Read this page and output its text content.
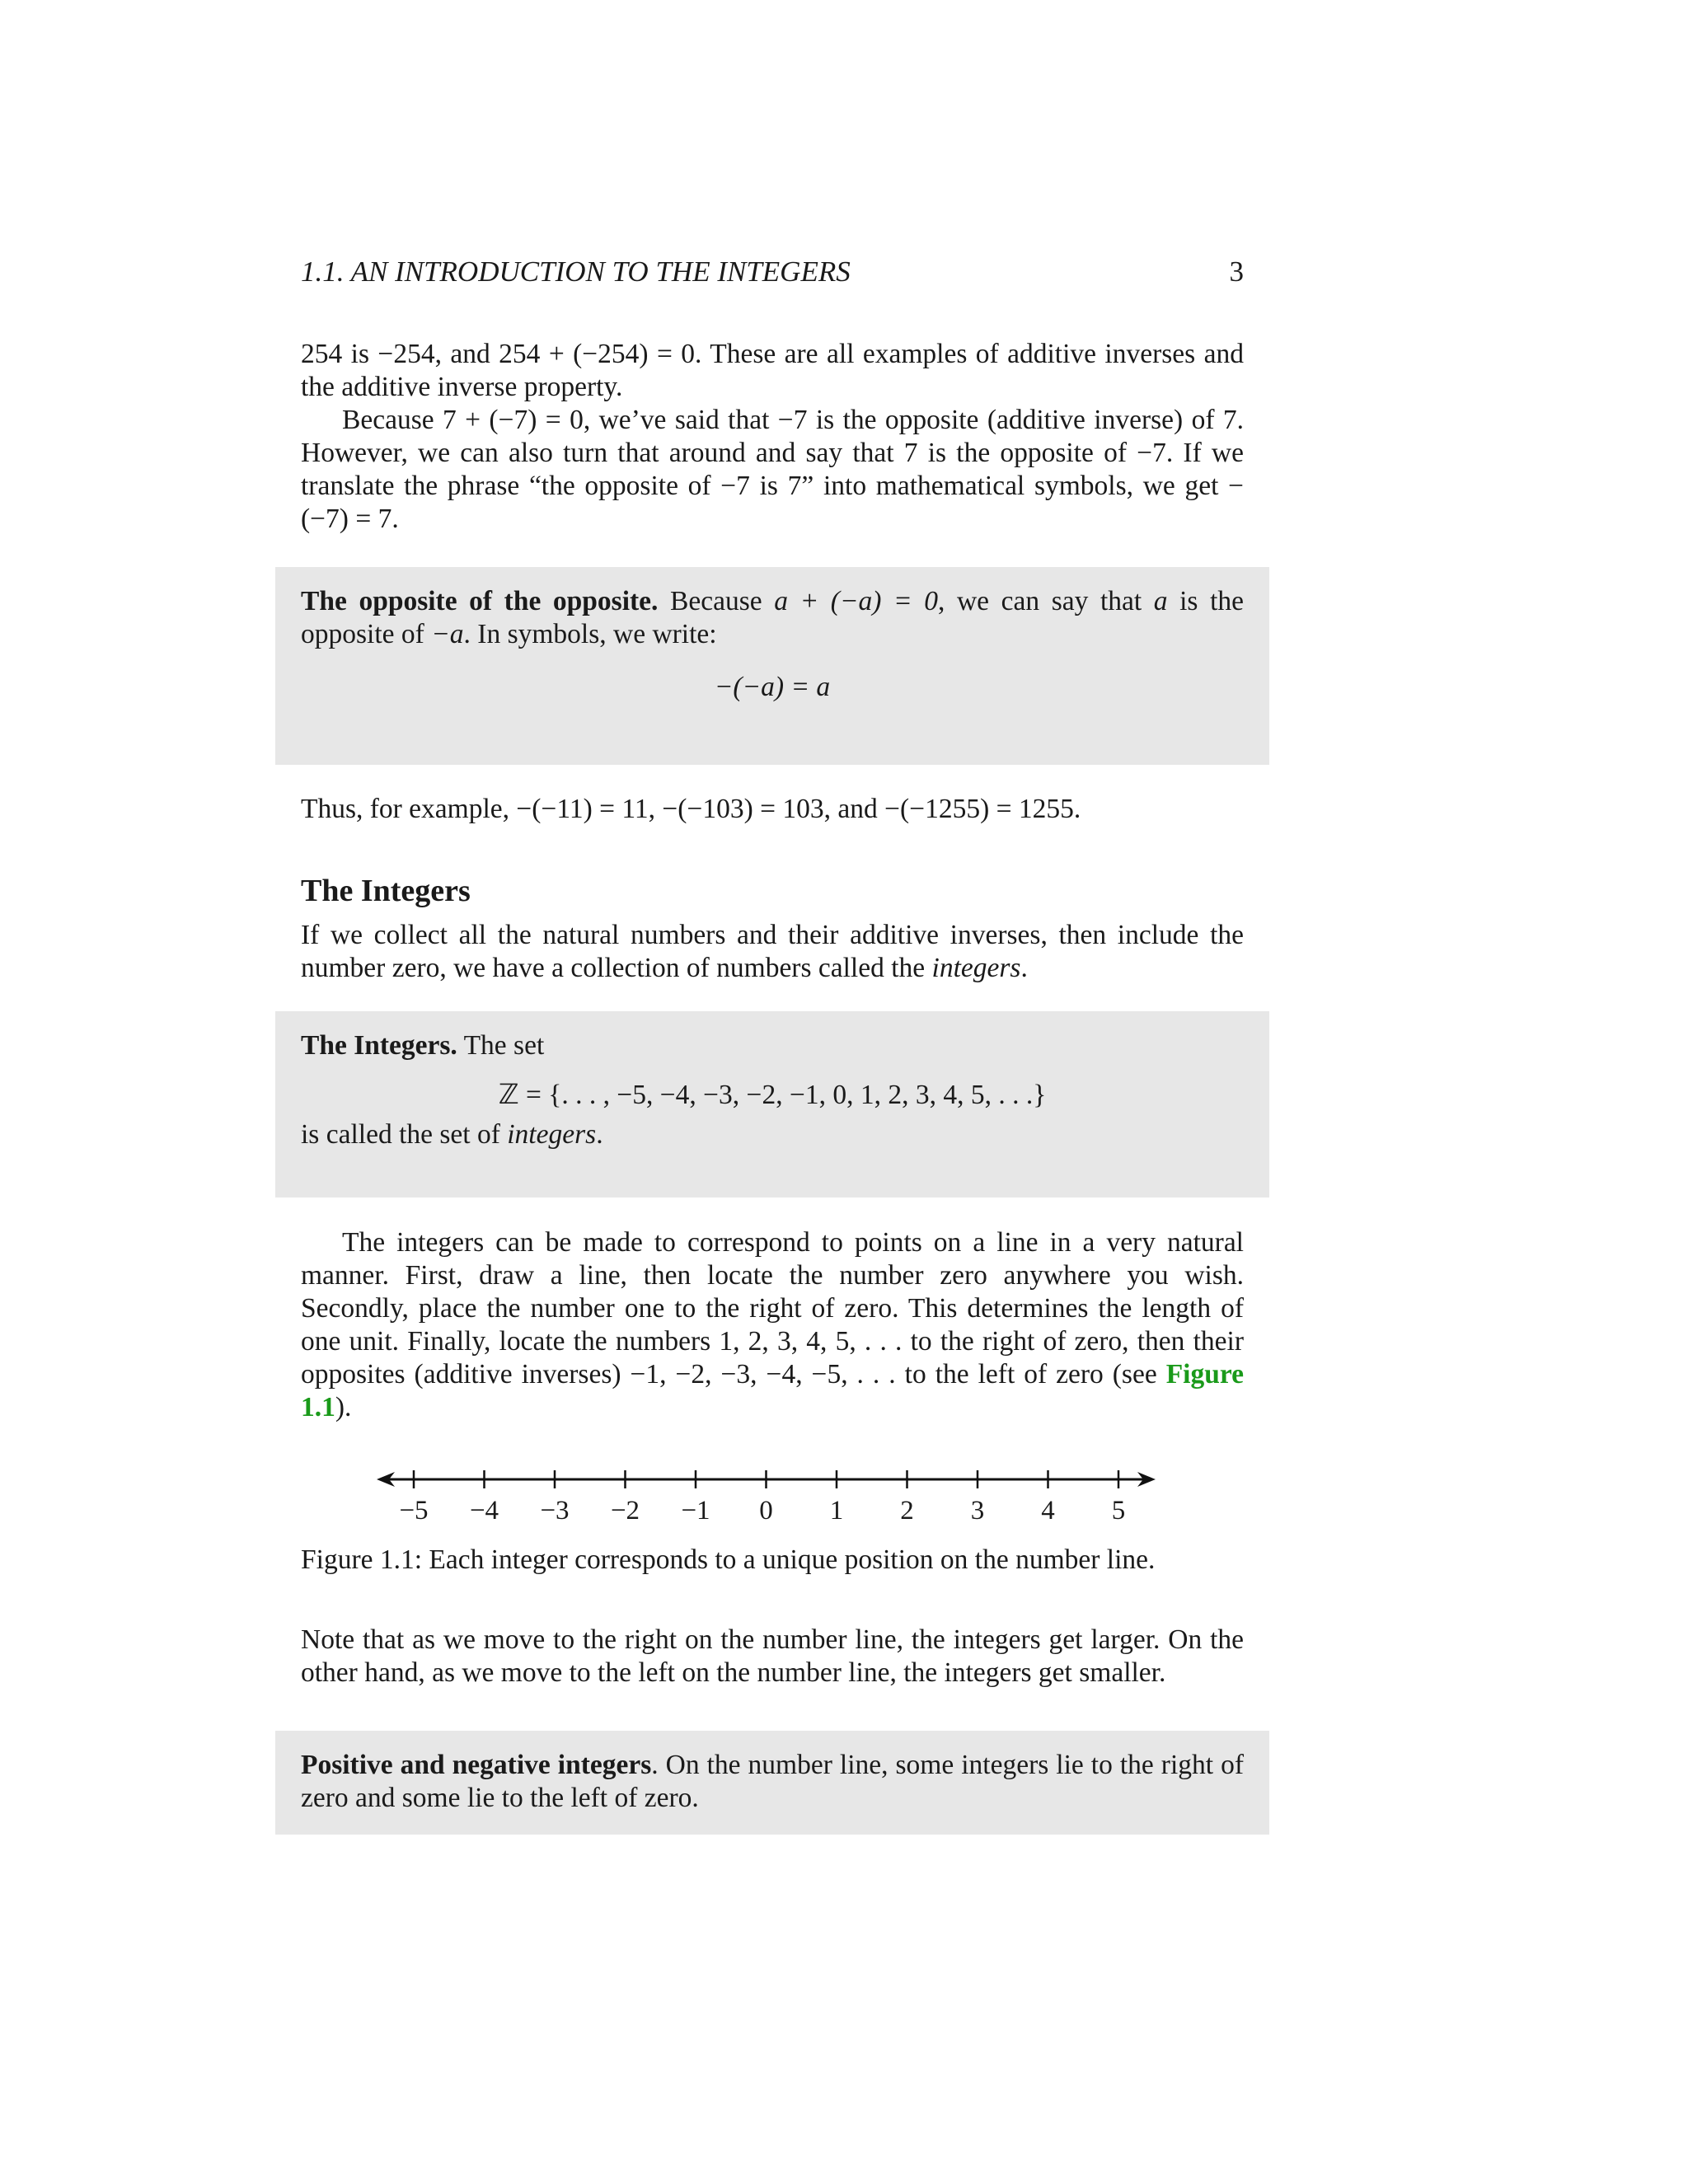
1.1. AN INTRODUCTION TO THE INTEGERS	3

254 is −254, and 254 + (−254) = 0. These are all examples of additive inverses and the additive inverse property.

Because 7 + (−7) = 0, we’ve said that −7 is the opposite (additive inverse) of 7. However, we can also turn that around and say that 7 is the opposite of −7. If we translate the phrase “the opposite of −7 is 7” into mathematical symbols, we get −(−7) = 7.

The opposite of the opposite. Because a + (−a) = 0, we can say that a is the opposite of −a. In symbols, we write:

−(−a) = a

Thus, for example, −(−11) = 11, −(−103) = 103, and −(−1255) = 1255.

The Integers

If we collect all the natural numbers and their additive inverses, then include the number zero, we have a collection of numbers called the integers.

The Integers. The set

ℤ = {. . . , −5, −4, −3, −2, −1, 0, 1, 2, 3, 4, 5, . . .}

is called the set of integers.

The integers can be made to correspond to points on a line in a very natural manner. First, draw a line, then locate the number zero anywhere you wish. Secondly, place the number one to the right of zero. This determines the length of one unit. Finally, locate the numbers 1, 2, 3, 4, 5, . . . to the right of zero, then their opposites (additive inverses) −1, −2, −3, −4, −5, . . . to the left of zero (see Figure 1.1).

−5 −4 −3 −2 −1 0 1 2 3 4 5
Figure 1.1: Each integer corresponds to a unique position on the number line.

Note that as we move to the right on the number line, the integers get larger. On the other hand, as we move to the left on the number line, the integers get smaller.

Positive and negative integers. On the number line, some integers lie to the right of zero and some lie to the left of zero.
